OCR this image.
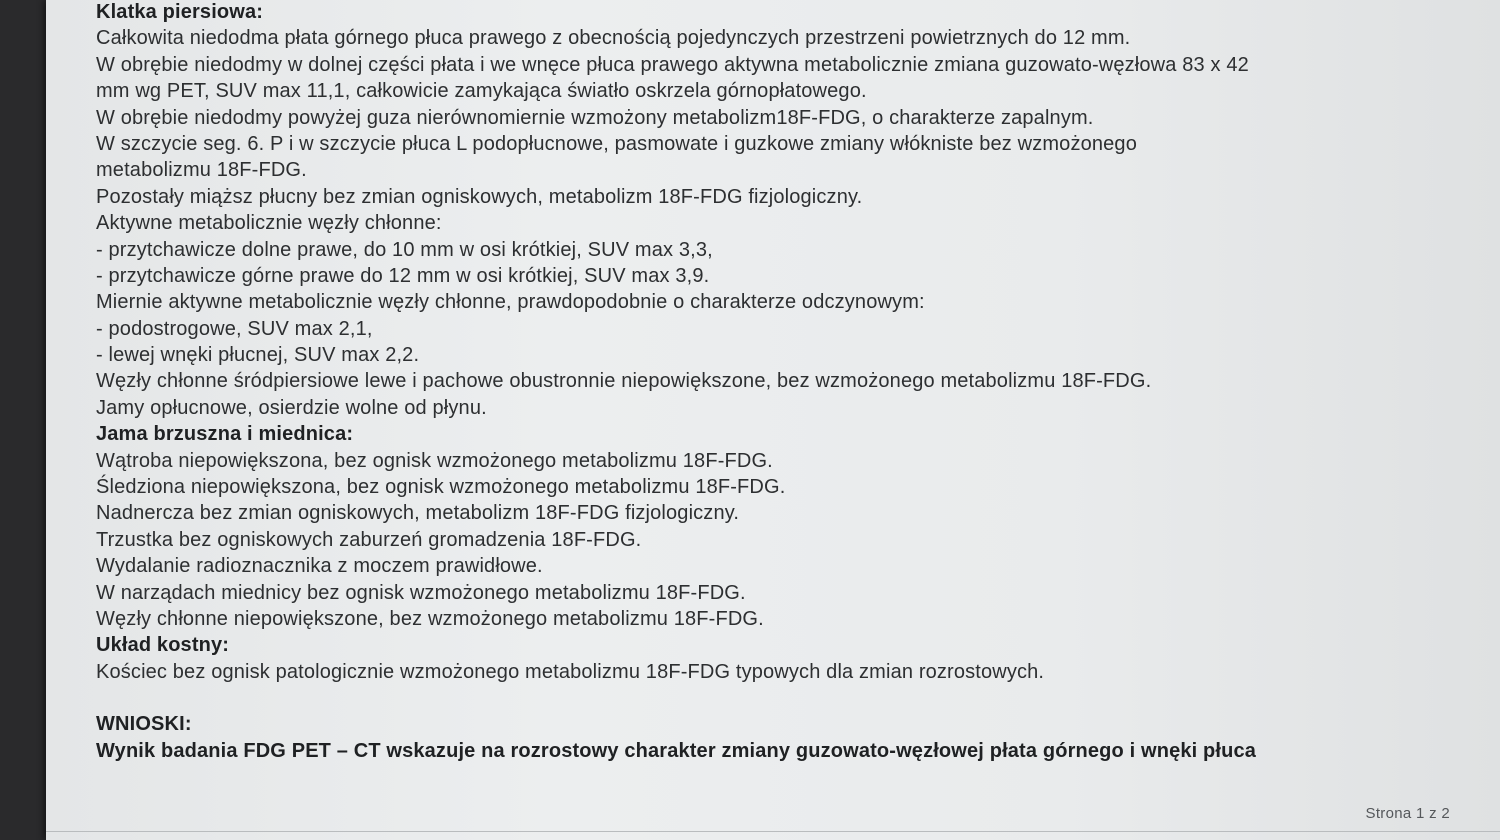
Klatka piersiowa:
Całkowita niedodma płata górnego płuca prawego z obecnością pojedynczych przestrzeni powietrznych do 12 mm.
W obrębie niedodmy w dolnej części płata i we wnęce płuca prawego aktywna metabolicznie zmiana guzowato-węzłowa 83 x 42
mm wg PET, SUV max 11,1, całkowicie zamykająca światło oskrzela górnopłatowego.
W obrębie niedodmy powyżej guza nierównomiernie wzmożony metabolizm18F-FDG, o charakterze zapalnym.
W szczycie seg. 6. P i w szczycie płuca L podopłucnowe, pasmowate i guzkowe zmiany włókniste bez wzmożonego
metabolizmu 18F-FDG.
Pozostały miąższ płucny bez zmian ogniskowych, metabolizm 18F-FDG fizjologiczny.
Aktywne metabolicznie węzły chłonne:
- przytchawicze dolne prawe, do 10 mm w osi krótkiej, SUV max 3,3,
- przytchawicze górne prawe do 12 mm w osi krótkiej, SUV max 3,9.
Miernie aktywne metabolicznie węzły chłonne, prawdopodobnie o charakterze odczynowym:
- podostrogowe, SUV max 2,1,
- lewej wnęki płucnej, SUV max 2,2.
Węzły chłonne śródpiersiowe lewe i pachowe obustronnie niepowiększone, bez wzmożonego metabolizmu 18F-FDG.
Jamy opłucnowe, osierdzie wolne od płynu.
Jama brzuszna i miednica:
Wątroba niepowiększona, bez ognisk wzmożonego metabolizmu 18F-FDG.
Śledziona niepowiększona, bez ognisk wzmożonego metabolizmu 18F-FDG.
Nadnercza bez zmian ogniskowych, metabolizm 18F-FDG fizjologiczny.
Trzustka bez ogniskowych zaburzeń gromadzenia 18F-FDG.
Wydalanie radioznacznika z moczem prawidłowe.
W narządach miednicy bez ognisk wzmożonego metabolizmu 18F-FDG.
Węzły chłonne niepowiększone, bez wzmożonego metabolizmu 18F-FDG.
Układ kostny:
Kościec bez ognisk patologicznie wzmożonego metabolizmu 18F-FDG typowych dla zmian rozrostowych.
WNIOSKI:
Wynik badania FDG PET – CT wskazuje na rozrostowy charakter zmiany guzowato-węzłowej płata górnego i wnęki płuca
Strona 1 z 2
